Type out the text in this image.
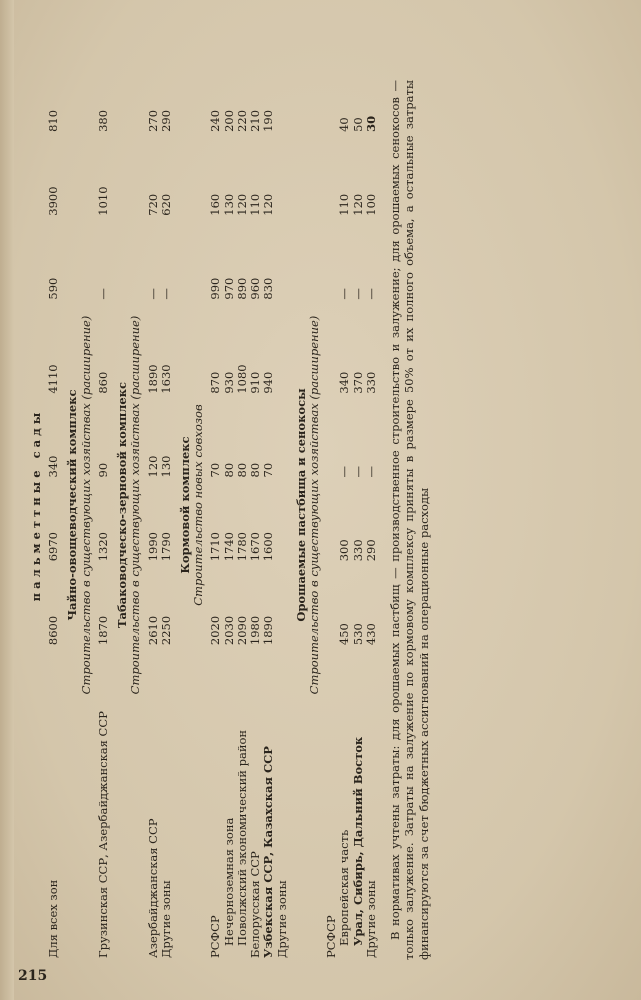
пальметтные сады
Для всех зон	8600	6970	340	4110	590	3900	810
Чайно-овощеводческий комплекс							
Строительство в существующих хозяйствах (расширение)							
Грузинская ССР, Азербайджанская ССР	1870	1320	90	860	—	1010	380
Табаководческо-зерновой комплекс							
Строительство в существующих хозяйствах (расширение)							
Азербайджанская ССР	2610	1990	120	1890	—	720	270
Другие зоны	2250	1790	130	1630	—	620	290
Кормовой комплекс							
Строительство новых совхозов							
РСФСР	2020	1710	70	870	990	160	240
Нечерноземная зона	2030	1740	80	930	970	130	200
Поволжский экономический район	2090	1780	80	1080	890	120	220
Белорусская ССР	1980	1670	80	910	960	110	210
Узбекская ССР, Казахская ССР	1890	1600	70	940	830	120	190
Другие зоны							
Орошаемые пастбища и сенокосы							
Строительство в существующих хозяйствах (расширение)							
РСФСР							
Европейская часть	450	300	—	340	—	110	40
Урал, Сибирь, Дальний Восток	530	330	—	370	—	120	50
Другие зоны	430	290	—	330	—	100	30 В нормативах учтены затраты: для орошаемых пастбищ — производственное строительство и залужение; для орошаемых сенокосов — только залужение. Затраты на залужение по кормовому комплексу приняты в размере 50% от их полного объема, а остальные затраты финансируются за счет бюджетных ассигнований на операционные расходы
215
